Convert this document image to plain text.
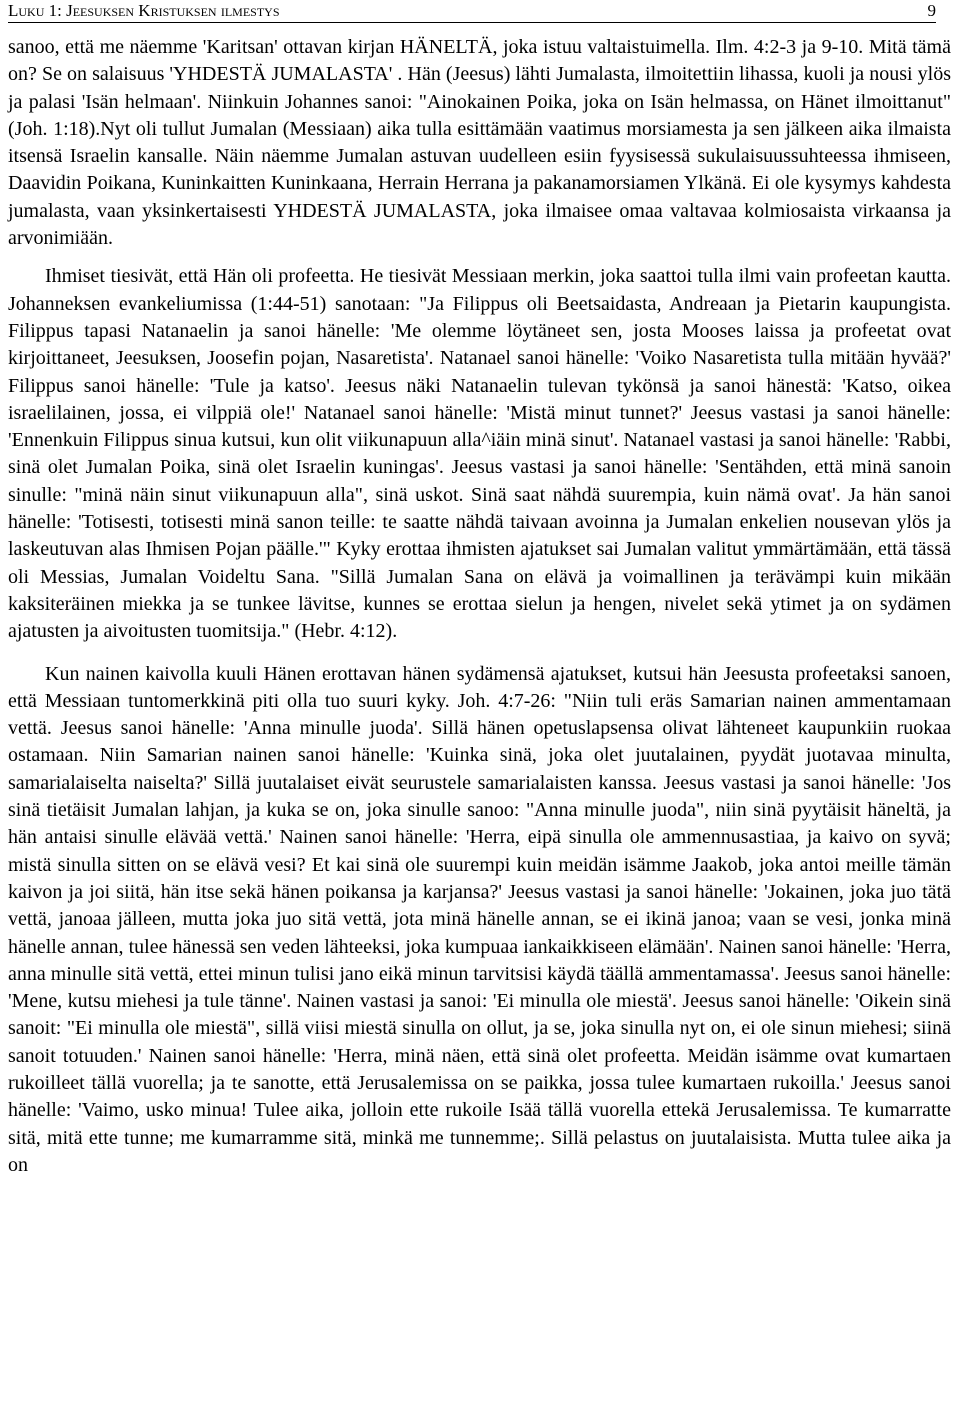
Luku 1: Jeesuksen Kristuksen ilmestys	9

sanoo, että me näemme 'Karitsan' ottavan kirjan HÄNELTÄ, joka istuu valtaistuimella. Ilm. 4:2-3 ja 9-10. Mitä tämä on? Se on salaisuus 'YHDESTÄ JUMALASTA' . Hän (Jeesus) lähti Jumalasta, ilmoitettiin lihassa, kuoli ja nousi ylös ja palasi 'Isän helmaan'. Niinkuin Johannes sanoi: "Ainokainen Poika, joka on Isän helmassa, on Hänet ilmoittanut" (Joh. 1:18).Nyt oli tullut Jumalan (Messiaan) aika tulla esittämään vaatimus morsiamesta ja sen jälkeen aika ilmaista itsensä Israelin kansalle. Näin näemme Jumalan astuvan uudelleen esiin fyysisessä sukulaisuussuhteessa ihmiseen, Daavidin Poikana, Kuninkaitten Kuninkaana, Herrain Herrana ja pakanamorsiamen Ylkänä. Ei ole kysymys kahdesta jumalasta, vaan yksinkertaisesti YHDESTÄ JUMALASTA, joka ilmaisee omaa valtavaa kolmiosaista virkaansa ja arvonimiään.

Ihmiset tiesivät, että Hän oli profeetta. He tiesivät Messiaan merkin, joka saattoi tulla ilmi vain profeetan kautta. Johanneksen evankeliumissa (1:44-51) sanotaan: "Ja Filippus oli Beetsaidasta, Andreaan ja Pietarin kaupungista. Filippus tapasi Natanaelin ja sanoi hänelle: 'Me olemme löytäneet sen, josta Mooses laissa ja profeetat ovat kirjoittaneet, Jeesuksen, Joosefin pojan, Nasaretista'. Natanael sanoi hänelle: 'Voiko Nasaretista tulla mitään hyvää?' Filippus sanoi hänelle: 'Tule ja katso'. Jeesus näki Natanaelin tulevan tykönsä ja sanoi hänestä: 'Katso, oikea israelilainen, jossa, ei vilppiä ole!' Natanael sanoi hänelle: 'Mistä minut tunnet?' Jeesus vastasi ja sanoi hänelle: 'Ennenkuin Filippus sinua kutsui, kun olit viikunapuun alla^iäin minä sinut'. Natanael vastasi ja sanoi hänelle: 'Rabbi, sinä olet Jumalan Poika, sinä olet Israelin kuningas'. Jeesus vastasi ja sanoi hänelle: 'Sentähden, että minä sanoin sinulle: "minä näin sinut viikunapuun alla", sinä uskot. Sinä saat nähdä suurempia, kuin nämä ovat'. Ja hän sanoi hänelle: 'Totisesti, totisesti minä sanon teille: te saatte nähdä taivaan avoinna ja Jumalan enkelien nousevan ylös ja laskeutuvan alas Ihmisen Pojan päälle.'" Kyky erottaa ihmisten ajatukset sai Jumalan valitut ymmärtämään, että tässä oli Messias, Jumalan Voideltu Sana. "Sillä Jumalan Sana on elävä ja voimallinen ja terävämpi kuin mikään kaksiteräinen miekka ja se tunkee lävitse, kunnes se erottaa sielun ja hengen, nivelet sekä ytimet ja on sydämen ajatusten ja aivoitusten tuomitsija." (Hebr. 4:12).

Kun nainen kaivolla kuuli Hänen erottavan hänen sydämensä ajatukset, kutsui hän Jeesusta profeetaksi sanoen, että Messiaan tuntomerkkinä piti olla tuo suuri kyky. Joh. 4:7-26: "Niin tuli eräs Samarian nainen ammentamaan vettä. Jeesus sanoi hänelle: 'Anna minulle juoda'. Sillä hänen opetuslapsensa olivat lähteneet kaupunkiin ruokaa ostamaan. Niin Samarian nainen sanoi hänelle: 'Kuinka sinä, joka olet juutalainen, pyydät juotavaa minulta, samarialaiselta naiselta?' Sillä juutalaiset eivät seurustele samarialaisten kanssa. Jeesus vastasi ja sanoi hänelle: 'Jos sinä tietäisit Jumalan lahjan, ja kuka se on, joka sinulle sanoo: "Anna minulle juoda", niin sinä pyytäisit häneltä, ja hän antaisi sinulle elävää vettä.' Nainen sanoi hänelle: 'Herra, eipä sinulla ole ammennusastiaa, ja kaivo on syvä; mistä sinulla sitten on se elävä vesi? Et kai sinä ole suurempi kuin meidän isämme Jaakob, joka antoi meille tämän kaivon ja joi siitä, hän itse sekä hänen poikansa ja karjansa?' Jeesus vastasi ja sanoi hänelle: 'Jokainen, joka juo tätä vettä, janoaa jälleen, mutta joka juo sitä vettä, jota minä hänelle annan, se ei ikinä janoa; vaan se vesi, jonka minä hänelle annan, tulee hänessä sen veden lähteeksi, joka kumpuaa iankaikkiseen elämään'. Nainen sanoi hänelle: 'Herra, anna minulle sitä vettä, ettei minun tulisi jano eikä minun tarvitsisi käydä täällä ammentamassa'. Jeesus sanoi hänelle: 'Mene, kutsu miehesi ja tule tänne'. Nainen vastasi ja sanoi: 'Ei minulla ole miestä'. Jeesus sanoi hänelle: 'Oikein sinä sanoit: "Ei minulla ole miestä", sillä viisi miestä sinulla on ollut, ja se, joka sinulla nyt on, ei ole sinun miehesi; siinä sanoit totuuden.' Nainen sanoi hänelle: 'Herra, minä näen, että sinä olet profeetta. Meidän isämme ovat kumartaen rukoilleet tällä vuorella; ja te sanotte, että Jerusalemissa on se paikka, jossa tulee kumartaen rukoilla.' Jeesus sanoi hänelle: 'Vaimo, usko minua! Tulee aika, jolloin ette rukoile Isää tällä vuorella ettekä Jerusalemissa. Te kumarratte sitä, mitä ette tunne; me kumarramme sitä, minkä me tunnemme;. Sillä pelastus on juutalaisista. Mutta tulee aika ja on
